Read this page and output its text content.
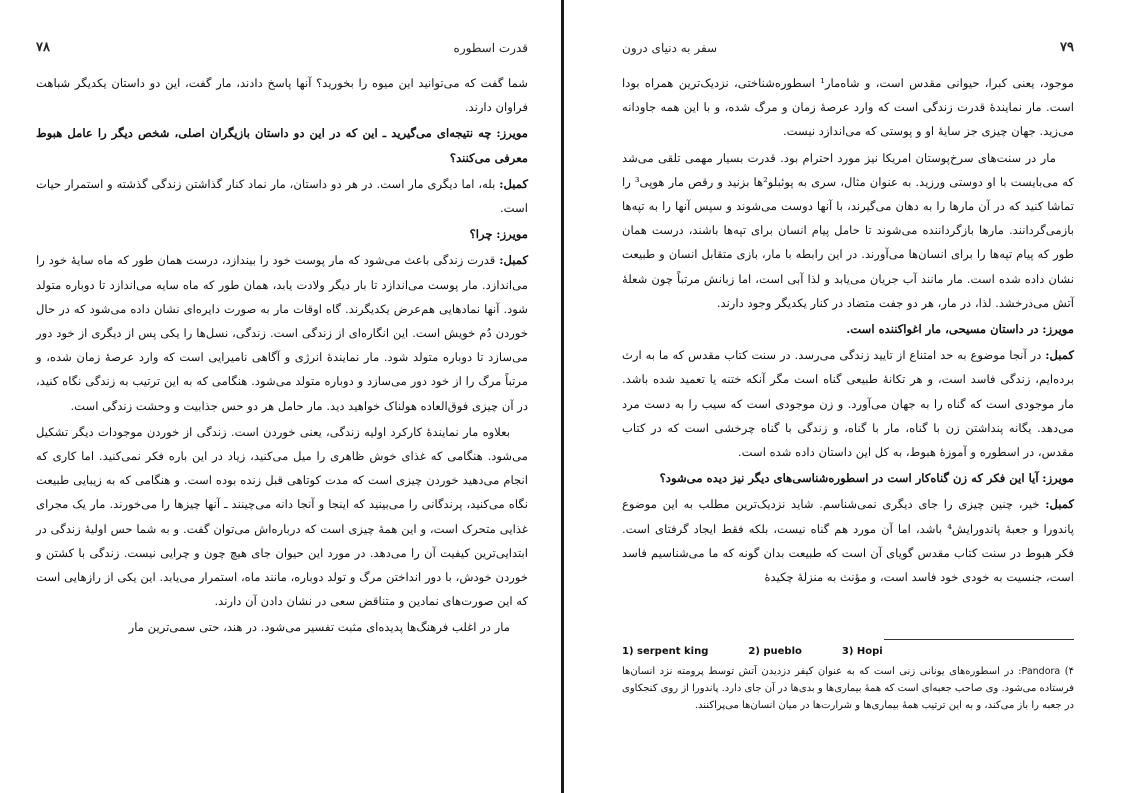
قدرت اسطوره
۷۸

شما گفت که می‌توانید این میوه را بخورید؟ آنها پاسخ دادند، مار گفت، این دو داستان یکدیگر شباهت فراوان دارند.

مویرز: چه نتیجه‌ای می‌گیرید ـ این که در این دو داستان بازیگران اصلی، شخص دیگر را عامل هبوط معرفی می‌کنند؟

کمبل: بله، اما دیگری مار است. در هر دو داستان، مار نماد کنار گذاشتن زندگی گذشته و استمرار حیات است.

مویرز: چرا؟

کمبل: قدرت زندگی باعث می‌شود که مار پوست خود را بیندازد، درست همان طور که ماه سایهٔ خود را می‌اندازد. مار پوست می‌اندازد تا بار دیگر ولادت یابد، همان طور که ماه سایه می‌اندازد تا دوباره متولد شود. آنها نمادهایی هم‌عرض یکدیگرند. گاه اوقات مار به صورت دایره‌ای نشان داده می‌شود که در حال خوردن دُم خویش است. این انگاره‌ای از زندگی است. زندگی، نسل‌ها را یکی پس از دیگری از خود دور می‌سازد تا دوباره متولد شود. مار نمایندهٔ انرژی و آگاهی نامیرایی است که وارد عرصهٔ زمان شده، و مرتباً مرگ را از خود دور می‌سازد و دوباره متولد می‌شود. هنگامی که به این ترتیب به زندگی نگاه کنید، در آن چیزی فوق‌العاده هولناک خواهید دید. مار حامل هر دو حس جذابیت و وحشت زندگی است.

بعلاوه مار نمایندهٔ کارکرد اولیه زندگی، یعنی خوردن است. زندگی از خوردن موجودات دیگر تشکیل می‌شود. هنگامی که غذای خوش ظاهری را میل می‌کنید، زیاد در این باره فکر نمی‌کنید. اما کاری که انجام می‌دهید خوردن چیزی است که مدت کوتاهی قبل زنده بوده است. و هنگامی که به زیبایی طبیعت نگاه می‌کنید، پرندگانی را می‌بینید که اینجا و آنجا دانه می‌چینند ـ آنها چیزها را می‌خورند. مار یک مجرای غذایی متحرک است، و این همهٔ چیزی است که درباره‌اش می‌توان گفت. و به شما حس اولیهٔ زندگی در ابتدایی‌ترین کیفیت آن را می‌دهد. در مورد این حیوان جای هیچ چون و چرایی نیست. زندگی با کشتن و خوردن خودش، با دور انداختن مرگ و تولد دوباره، مانند ماه، استمرار می‌یابد. این یکی از رازهایی است که این صورت‌های نمادین و متناقض سعی در نشان دادن آن دارند.

مار در اغلب فرهنگ‌ها پدیده‌ای مثبت تفسیر می‌شود. در هند، حتی سمی‌ترین مار

۷۹
سفر به دنیای درون

موجود، یعنی کبرا، حیوانی مقدس است، و شاه‌مار¹ اسطوره‌شناختی، نزدیک‌ترین همراه بودا است. مار نمایندهٔ قدرت زندگی است که وارد عرصهٔ زمان و مرگ شده، و با این همه جاودانه می‌زید. جهان چیزی جز سایهٔ او و پوستی که می‌اندازد نیست.

مار در سنت‌های سرخ‌پوستان امریکا نیز مورد احترام بود. قدرت بسیار مهمی تلقی می‌شد که می‌بایست با او دوستی ورزید. به عنوان مثال، سری به پوئبلو²ها بزنید و رقص مار هوپی³ را تماشا کنید که در آن مارها را به دهان می‌گیرند، با آنها دوست می‌شوند و سپس آنها را به تپه‌ها بازمی‌گردانند. مارها بازگرداننده می‌شوند تا حامل پیام انسان برای تپه‌ها باشند، درست همان طور که پیام تپه‌ها را برای انسان‌ها می‌آورند. در این رابطه با مار، بازی متقابل انسان و طبیعت نشان داده شده است. مار مانند آب جریان می‌یابد و لذا آبی است، اما زبانش مرتباً چون شعلهٔ آتش می‌درخشد. لذا، در مار، هر دو جفت متضاد در کنار یکدیگر وجود دارند.

مویرز: در داستان مسیحی، مار اغواکننده است.

کمبل: در آنجا موضوع به حد امتناع از تایید زندگی می‌رسد. در سنت کتاب مقدس که ما به ارث برده‌ایم، زندگی فاسد است، و هر تکانهٔ طبیعی گناه است مگر آنکه ختنه یا تعمید شده باشد. مار موجودی است که گناه را به جهان می‌آورد. و زن موجودی است که سیب را به دست مرد می‌دهد. یگانه پنداشتن زن با گناه، مار با گناه، و زندگی با گناه چرخشی است که در کتاب مقدس، در اسطوره و آموزهٔ هبوط، به کل این داستان داده شده است.

مویرز: آیا این فکر که زن گناه‌کار است در اسطوره‌شناسی‌های دیگر نیز دیده می‌شود؟

کمبل: خیر، چنین چیزی را جای دیگری نمی‌شناسم. شاید نزدیک‌ترین مطلب به این موضوع پاندورا و جعبهٔ پاندورایش⁴ باشد، اما آن مورد هم گناه نیست، بلکه فقط ایجاد گرفتای است. فکر هبوط در سنت کتاب مقدس گویای آن است که طبیعت بدان گونه که ما می‌شناسیم فاسد است، جنسیت به خودی خود فاسد است، و مؤنث به منزلهٔ چکیدهٔ

1) serpent king	2) pueblo	3) Hopi
۴) Pandora: در اسطوره‌های یونانی زنی است که به عنوان کیفر دزدیدن آتش توسط پرومته نزد انسان‌ها فرستاده می‌شود. وی صاحب جعبه‌ای است که همهٔ بیماری‌ها و بدی‌ها در آن جای دارد. پاندورا از روی کنجکاوی در جعبه را باز می‌کند، و به این ترتیب همهٔ بیماری‌ها و شرارت‌ها در میان انسان‌ها می‌پراکنند.
